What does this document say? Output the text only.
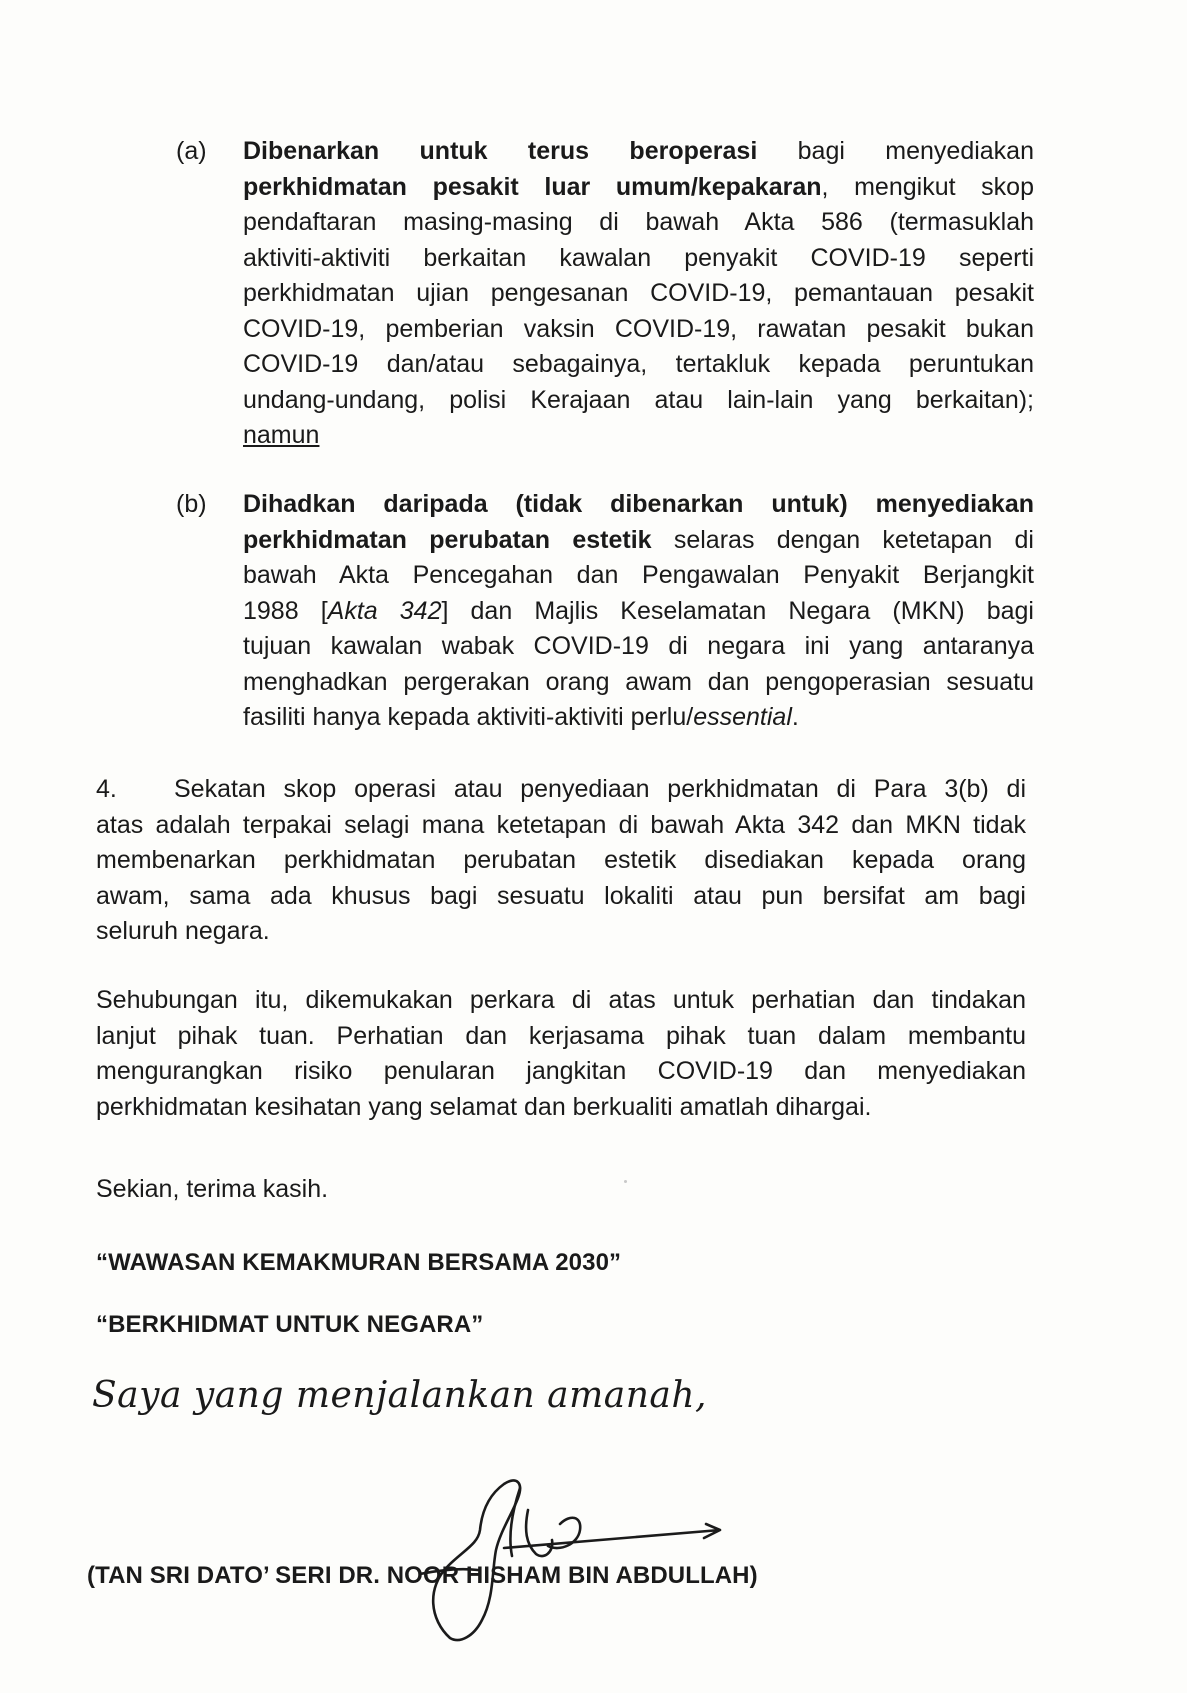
(a)	Dibenarkan untuk terus beroperasi bagi menyediakan
perkhidmatan pesakit luar umum/kepakaran, mengikut skop
pendaftaran masing-masing di bawah Akta 586 (termasuklah
aktiviti-aktiviti berkaitan kawalan penyakit COVID-19 seperti
perkhidmatan ujian pengesanan COVID-19, pemantauan pesakit
COVID-19, pemberian vaksin COVID-19, rawatan pesakit bukan
COVID-19 dan/atau sebagainya, tertakluk kepada peruntukan
undang-undang, polisi Kerajaan atau lain-lain yang berkaitan);
namun
(b)	Dihadkan daripada (tidak dibenarkan untuk) menyediakan
perkhidmatan perubatan estetik selaras dengan ketetapan di
bawah Akta Pencegahan dan Pengawalan Penyakit Berjangkit
1988 [Akta 342] dan Majlis Keselamatan Negara (MKN) bagi
tujuan kawalan wabak COVID-19 di negara ini yang antaranya
menghadkan pergerakan orang awam dan pengoperasian sesuatu
fasiliti hanya kepada aktiviti-aktiviti perlu/essential.
4. Sekatan skop operasi atau penyediaan perkhidmatan di Para 3(b) di
atas adalah terpakai selagi mana ketetapan di bawah Akta 342 dan MKN tidak
membenarkan perkhidmatan perubatan estetik disediakan kepada orang
awam, sama ada khusus bagi sesuatu lokaliti atau pun bersifat am bagi
seluruh negara.
Sehubungan itu, dikemukakan perkara di atas untuk perhatian dan tindakan
lanjut pihak tuan. Perhatian dan kerjasama pihak tuan dalam membantu
mengurangkan risiko penularan jangkitan COVID-19 dan menyediakan
perkhidmatan kesihatan yang selamat dan berkualiti amatlah dihargai.

Sekian, terima kasih.

“WAWASAN KEMAKMURAN BERSAMA 2030”
“BERKHIDMAT UNTUK NEGARA”
Saya yang menjalankan amanah,
(TAN SRI DATO’ SERI DR. NOOR HISHAM BIN ABDULLAH)
